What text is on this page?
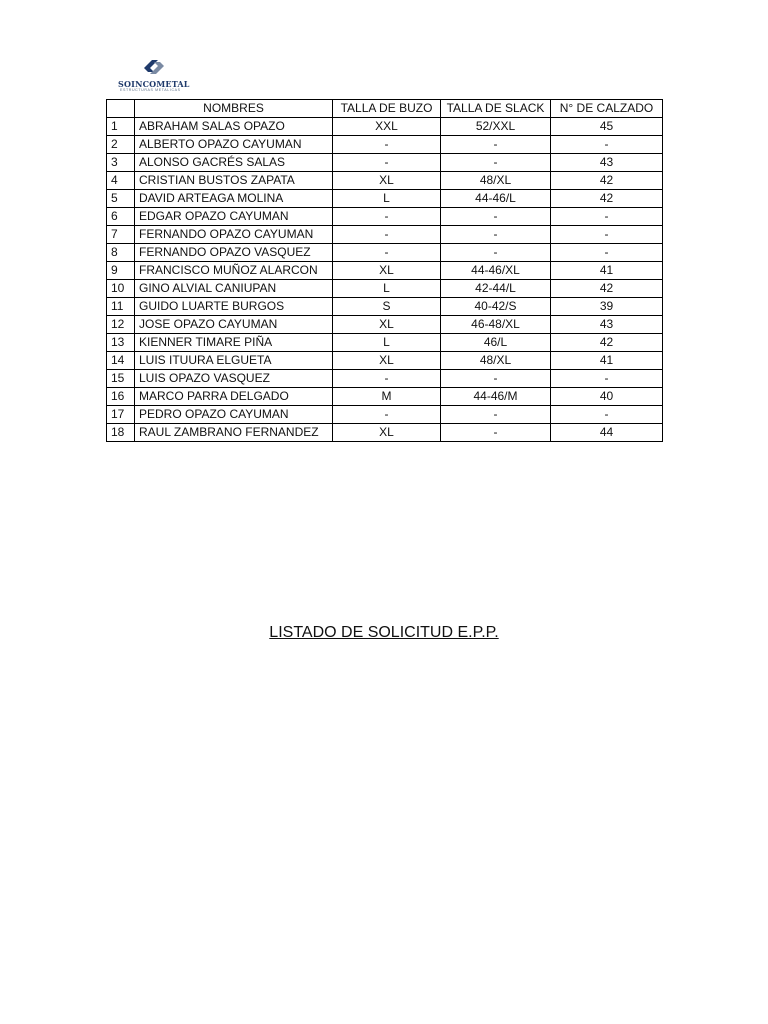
SOINCOMETAL
ESTRUCTURAS METALICAS
	NOMBRES	TALLA DE BUZO	TALLA DE SLACK	N° DE CALZADO
1	ABRAHAM SALAS OPAZO	XXL	52/XXL	45
2	ALBERTO OPAZO CAYUMAN	-	-	-
3	ALONSO GACRÉS SALAS	-	-	43
4	CRISTIAN BUSTOS ZAPATA	XL	48/XL	42
5	DAVID ARTEAGA MOLINA	L	44-46/L	42
6	EDGAR OPAZO CAYUMAN	-	-	-
7	FERNANDO OPAZO CAYUMAN	-	-	-
8	FERNANDO OPAZO VASQUEZ	-	-	-
9	FRANCISCO MUÑOZ ALARCON	XL	44-46/XL	41
10	GINO ALVIAL CANIUPAN	L	42-44/L	42
11	GUIDO LUARTE BURGOS	S	40-42/S	39
12	JOSE OPAZO CAYUMAN	XL	46-48/XL	43
13	KIENNER TIMARE PIÑA	L	46/L	42
14	LUIS ITUURA ELGUETA	XL	48/XL	41
15	LUIS OPAZO VASQUEZ	-	-	-
16	MARCO PARRA DELGADO	M	44-46/M	40
17	PEDRO OPAZO CAYUMAN	-	-	-
18	RAUL ZAMBRANO FERNANDEZ	XL	-	44
LISTADO DE SOLICITUD E.P.P.
